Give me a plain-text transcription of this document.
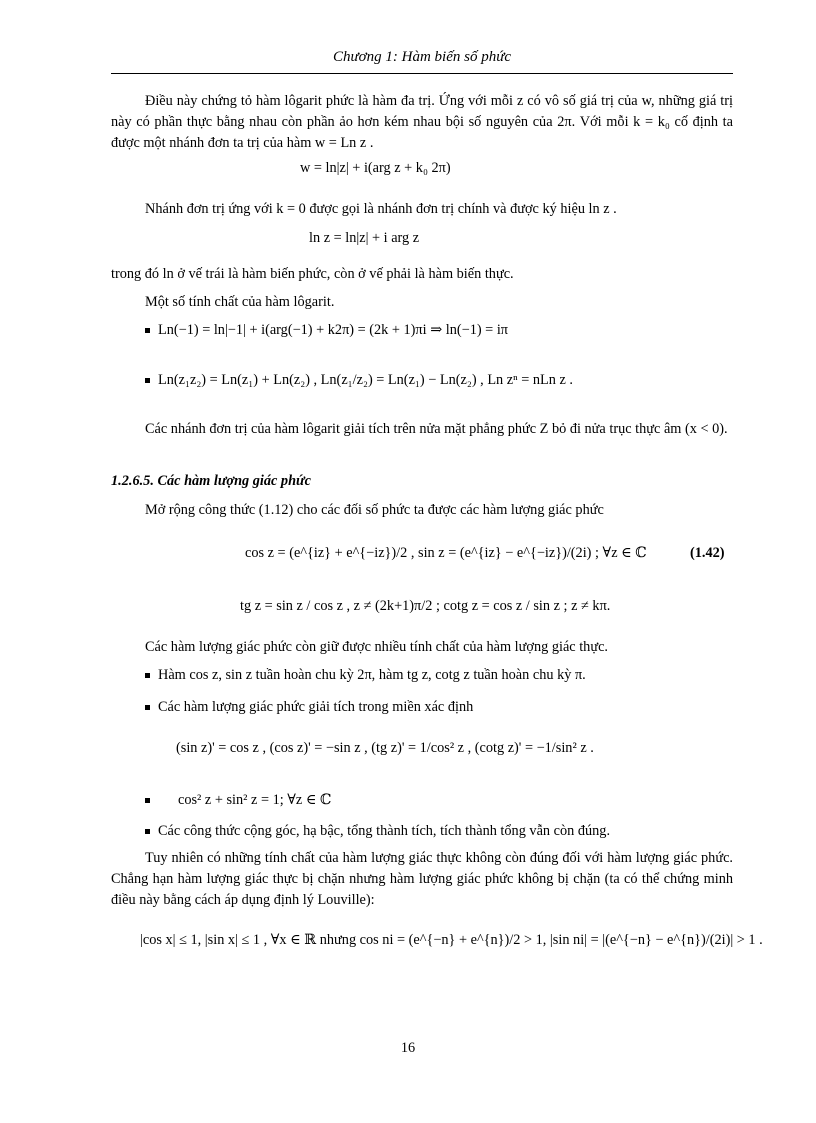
Chương 1: Hàm biến số phức
Điều này chứng tỏ hàm lôgarit phức là hàm đa trị. Ứng với mỗi z có vô số giá trị của w, những giá trị này có phần thực bằng nhau còn phần ảo hơn kém nhau bội số nguyên của 2π. Với mỗi k = k₀ cố định ta được một nhánh đơn ta trị của hàm w = Ln z .
w = ln|z| + i(arg z + k₀ 2π)
Nhánh đơn trị ứng với k = 0 được gọi là nhánh đơn trị chính và được ký hiệu ln z .
ln z = ln|z| + i arg z
trong đó ln ở vế trái là hàm biến phức, còn ở vế phải là hàm biến thực.
Một số tính chất của hàm lôgarit.
Ln(−1) = ln|−1| + i(arg(−1) + k2π) = (2k + 1)πi ⇒ ln(−1) = iπ
Ln(z₁z₂) = Ln(z₁) + Ln(z₂) , Ln(z₁/z₂) = Ln(z₁) − Ln(z₂) , Ln zⁿ = nLn z .
Các nhánh đơn trị của hàm lôgarit giải tích trên nửa mặt phẳng phức Z bỏ đi nửa trục thực âm (x < 0).
1.2.6.5. Các hàm lượng giác phức
Mở rộng công thức (1.12) cho các đối số phức ta được các hàm lượng giác phức
cos z = (e^{iz} + e^{−iz})/2 , sin z = (e^{iz} − e^{−iz})/(2i) ; ∀z ∈ ℂ	(1.42)
tg z = sin z / cos z , z ≠ (2k+1)π/2 ; cotg z = cos z / sin z ; z ≠ kπ.
Các hàm lượng giác phức còn giữ được nhiều tính chất của hàm lượng giác thực.
Hàm cos z, sin z tuần hoàn chu kỳ 2π, hàm tg z, cotg z tuần hoàn chu kỳ π.
Các hàm lượng giác phức giải tích trong miền xác định
(sin z)' = cos z , (cos z)' = −sin z , (tg z)' = 1/cos² z , (cotg z)' = −1/sin² z .
cos² z + sin² z = 1; ∀z ∈ ℂ
Các công thức cộng góc, hạ bậc, tổng thành tích, tích thành tổng vẫn còn đúng.
Tuy nhiên có những tính chất của hàm lượng giác thực không còn đúng đối với hàm lượng giác phức. Chẳng hạn hàm lượng giác thực bị chặn nhưng hàm lượng giác phức không bị chặn (ta có thể chứng minh điều này bằng cách áp dụng định lý Louville):
|cos x| ≤ 1, |sin x| ≤ 1 , ∀x ∈ ℝ nhưng cos ni = (e^{−n} + e^{n})/2 > 1, |sin ni| = |(e^{−n} − e^{n})/(2i)| > 1 .
16
